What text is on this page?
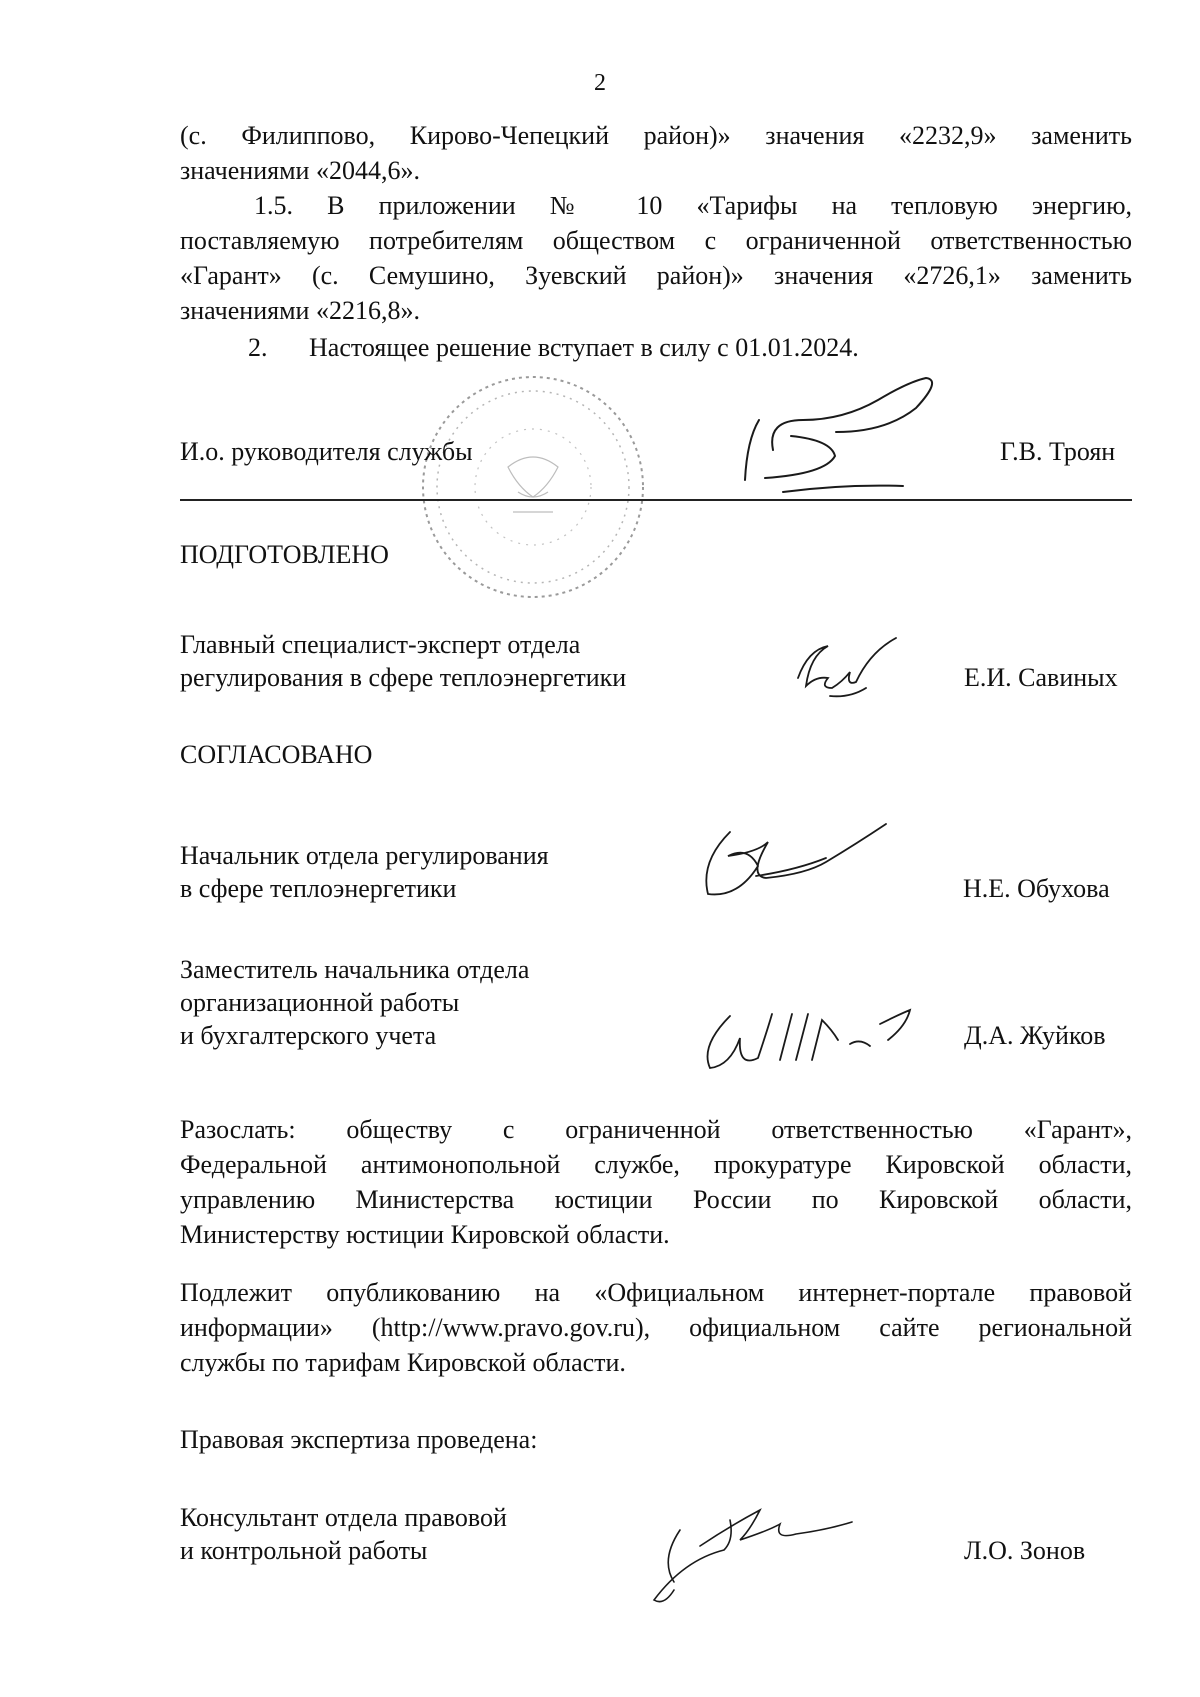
2
(с. Филиппово, Кирово-Чепецкий район)» значения «2232,9» заменить
значениями «2044,6».
1.5. В приложении № 10 «Тарифы на тепловую энергию,
поставляемую потребителям обществом с ограниченной ответственностью
«Гарант» (с. Семушино, Зуевский район)» значения «2726,1» заменить
значениями «2216,8».
2. Настоящее решение вступает в силу с 01.01.2024.
И.о. руководителя службы	Г.В. Троян
ПОДГОТОВЛЕНО
Главный специалист-эксперт отдела
регулирования в сфере теплоэнергетики	Е.И. Савиных
СОГЛАСОВАНО
Начальник отдела регулирования
в сфере теплоэнергетики	Н.Е. Обухова
Заместитель начальника отдела
организационной работы
и бухгалтерского учета	Д.А. Жуйков
Разослать: обществу с ограниченной ответственностью «Гарант»,
Федеральной антимонопольной службе, прокуратуре Кировской области,
управлению Министерства юстиции России по Кировской области,
Министерству юстиции Кировской области.
Подлежит опубликованию на «Официальном интернет-портале правовой
информации» (http://www.pravo.gov.ru), официальном сайте региональной
службы по тарифам Кировской области.
Правовая экспертиза проведена:
Консультант отдела правовой
и контрольной работы	Л.О. Зонов
